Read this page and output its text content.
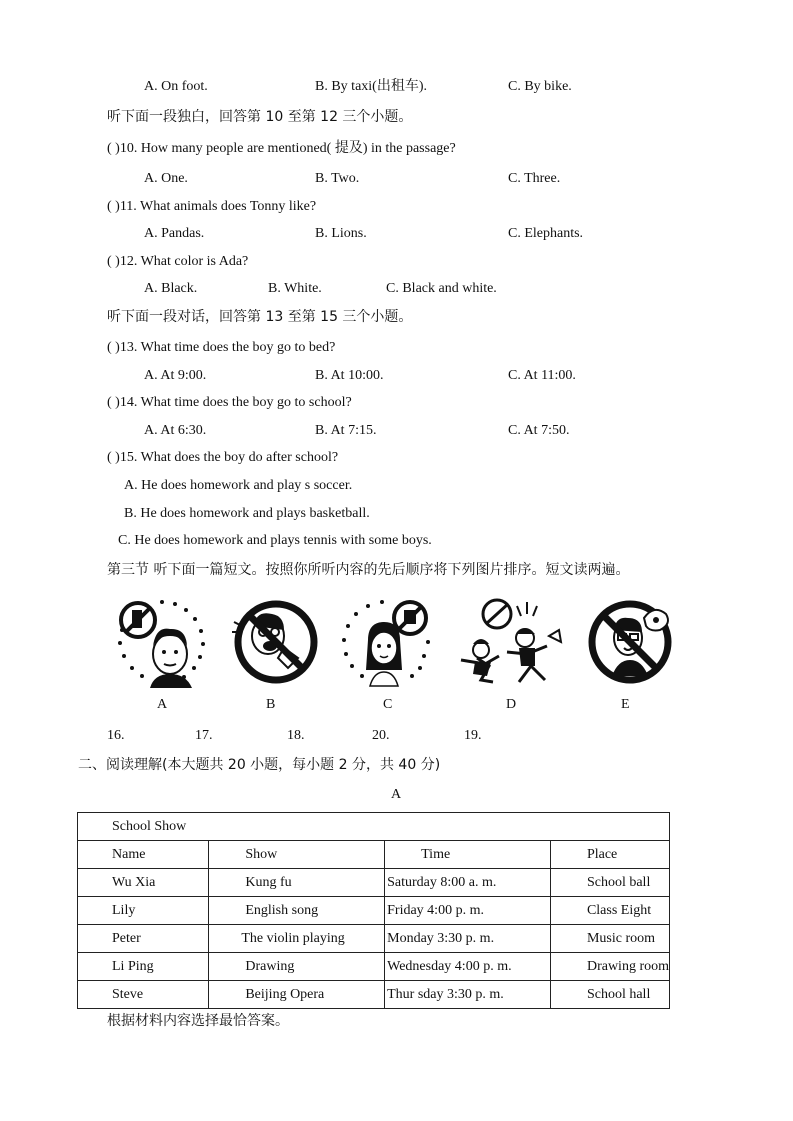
A. On foot.	B. By taxi(出租车).	C. By bike.
听下面一段独白，回答第 10 至第 12 三个小题。
( )10. How many people are mentioned( 提及) in the passage?
A. One.	B. Two.	C. Three.
( )11. What animals does Tonny like?
A. Pandas.	B. Lions.	C. Elephants.
( )12. What color is Ada?
A. Black.	B. White.	C. Black and white.
听下面一段对话，回答第 13 至第 15 三个小题。
( )13. What time does the boy go to bed?
A. At 9:00.	B. At 10:00.	C. At 11:00.
( )14. What time does the boy go to school?
A. At 6:30.	B. At 7:15.	C. At 7:50.
( )15. What does the boy do after school?
A. He does homework and play s soccer.
B. He does homework and plays basketball.
C. He does homework and plays tennis with some boys.
第三节 听下面一篇短文。按照你所听内容的先后顺序将下列图片排序。短文读两遍。
A	B	C	D	E
16.	17.	18.	20.	19.
二、阅读理解(本大题共 20 小题，每小题 2 分，共 40 分)
A
School Show			
Name	Show	Time	Place
Wu Xia	Kung fu	Saturday 8:00 a. m.	School ball
Lily	English song	Friday 4:00 p. m.	Class Eight
Peter	The violin playing	Monday 3:30 p. m.	Music room
Li Ping	Drawing	Wednesday 4:00 p. m.	Drawing room
Steve	Beijing Opera	Thur sday 3:30 p. m.	School hall
根据材料内容选择最恰答案。
